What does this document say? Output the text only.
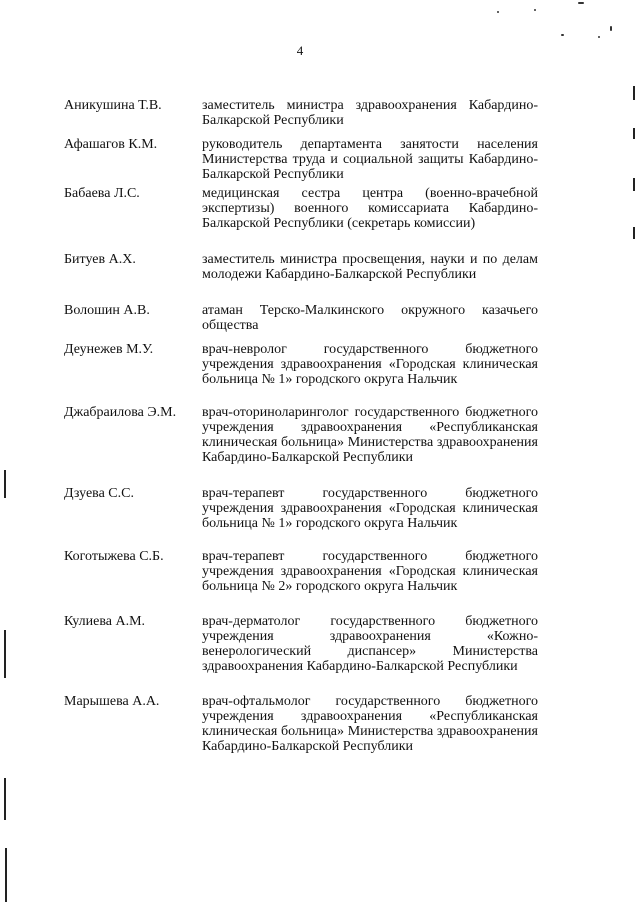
4
Аникушина Т.В.	заместитель министра здравоохранения Кабардино-Балкарской Республики
Афашагов К.М.	руководитель департамента занятости населения Министерства труда и социальной защиты Кабардино-Балкарской Республики
Бабаева Л.С.	медицинская сестра центра (военно-врачебной экспертизы) военного комиссариата Кабардино-Балкарской Республики (секретарь комиссии)
Битуев А.Х.	заместитель министра просвещения, науки и по делам молодежи Кабардино-Балкарской Республики
Волошин А.В.	атаман Терско-Малкинского окружного казачьего общества
Деунежев М.У.	врач-невролог государственного бюджетного учреждения здравоохранения «Городская клиническая больница № 1» городского округа Нальчик
Джабраилова Э.М. врач-оториноларинголог государственного бюджетного учреждения здравоохранения «Республиканская клиническая больница» Министерства здравоохранения Кабардино-Балкарской Республики
Дзуева С.С.	врач-терапевт государственного бюджетного учреждения здравоохранения «Городская клиническая больница № 1» городского округа Нальчик
Коготыжева С.Б.	врач-терапевт государственного бюджетного учреждения здравоохранения «Городская клиническая больница № 2» городского округа Нальчик
Кулиева А.М.	врач-дерматолог государственного бюджетного учреждения здравоохранения «Кожно-венерологический диспансер» Министерства здравоохранения Кабардино-Балкарской Республики
Марышева А.А.	врач-офтальмолог государственного бюджетного учреждения здравоохранения «Республиканская клиническая больница» Министерства здравоохранения Кабардино-Балкарской Республики
